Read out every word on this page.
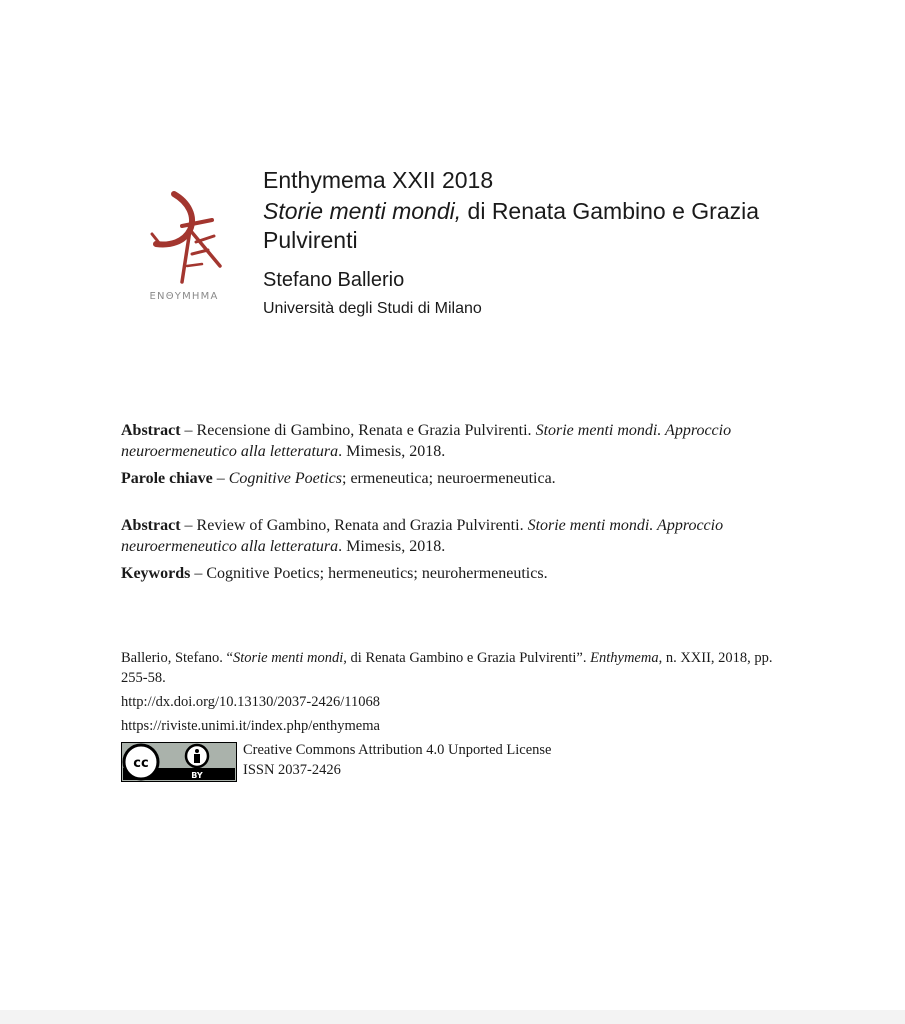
ENΘYMHMA
Enthymema XXII 2018
Storie menti mondi, di Renata Gambino e Grazia Pulvirenti
Stefano Ballerio
Università degli Studi di Milano

Abstract – Recensione di Gambino, Renata e Grazia Pulvirenti. Storie menti mondi. Approccio neuroermeneutico alla letteratura. Mimesis, 2018.

Parole chiave – Cognitive Poetics; ermeneutica; neuroermeneutica.

Abstract – Review of Gambino, Renata and Grazia Pulvirenti. Storie menti mondi. Approccio neuroermeneutico alla letteratura. Mimesis, 2018.

Keywords – Cognitive Poetics; hermeneutics; neurohermeneutics.

Ballerio, Stefano. “Storie menti mondi, di Renata Gambino e Grazia Pulvirenti”. Enthymema, n. XXII, 2018, pp. 255-58.

http://dx.doi.org/10.13130/2037-2426/11068

https://riviste.unimi.it/index.php/enthymema

cc
BY
Creative Commons Attribution 4.0 Unported License
ISSN 2037-2426
